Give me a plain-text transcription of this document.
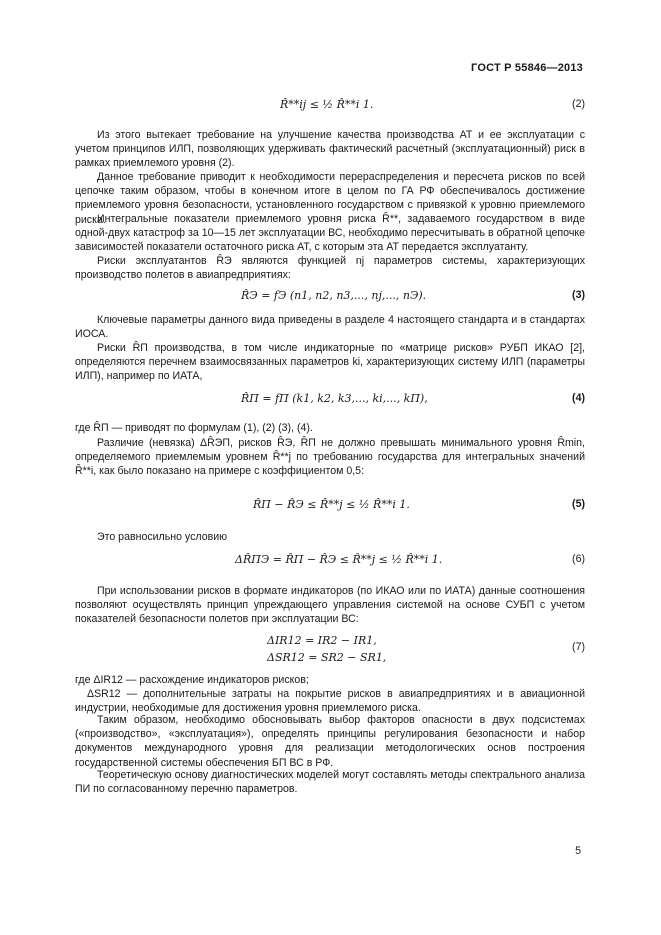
ГОСТ Р 55846—2013
R̂**ij ≤ ½ R̂**i 1.	(2)

Из этого вытекает требование на улучшение качества производства АТ и ее эксплуатации с учетом принципов ИЛП, позволяющих удерживать фактический расчетный (эксплуатационный) риск в рамках приемлемого уровня (2).

Данное требование приводит к необходимости перераспределения и пересчета рисков по всей цепочке таким образом, чтобы в конечном итоге в целом по ГА РФ обеспечивалось достижение приемлемого уровня безопасности, установленного государством с привязкой к уровню приемлемого риска.

Интегральные показатели приемлемого уровня риска R̂**, задаваемого государством в виде одной-двух катастроф за 10—15 лет эксплуатации ВС, необходимо пересчитывать в обратной цепочке зависимостей показатели остаточного риска АТ, с которым эта АТ передается эксплуатанту.

Риски эксплуатантов R̂Э являются функцией nj параметров системы, характеризующих производство полетов в авиапредприятиях:

R̂Э = fЭ (n1, n2, n3,..., nj,..., nЭ).	(3)

Ключевые параметры данного вида приведены в разделе 4 настоящего стандарта и в стандартах ИОСА.

Риски R̂П производства, в том числе индикаторные по «матрице рисков» РУБП ИКАО [2], определяются перечнем взаимосвязанных параметров ki, характеризующих систему ИЛП (параметры ИЛП), например по ИАТА,

R̂П = fП (k1, k2, k3,..., ki,..., kП),	(4)

где R̂П — приводят по формулам (1), (2) (3), (4).

Различие (невязка) ΔR̂ЭП, рисков R̂Э, R̂П не должно превышать минимального уровня R̂min, определяемого приемлемым уровнем R̂**j по требованию государства для интегральных значений R̂**i, как было показано на примере с коэффициентом 0,5:

R̂П − R̂Э ≤ R̂**j ≤ ½ R̂**i 1.	(5)

Это равносильно условию

ΔR̂ПЭ = R̂П − R̂Э ≤ R̂**j ≤ ½ R̂**i 1.	(6)

При использовании рисков в формате индикаторов (по ИКАО или по ИАТА) данные соотношения позволяют осуществлять принцип упреждающего управления системой на основе СУБП с учетом показателей безопасности полетов при эксплуатации ВС:

ΔIR12 = IR2 − IR1,
ΔSR12 = SR2 − SR1,
(7)

где ΔIR12 — расхождение индикаторов рисков;

ΔSR12 — дополнительные затраты на покрытие рисков в авиапредприятиях и в авиационной индустрии, необходимые для достижения уровня приемлемого риска.

Таким образом, необходимо обосновывать выбор факторов опасности в двух подсистемах («производство», «эксплуатация»), определять принципы регулирования безопасности и набор документов международного уровня для реализации методологических основ построения государственной системы обеспечения БП ВС в РФ.

Теоретическую основу диагностических моделей могут составлять методы спектрального анализа ПИ по согласованному перечню параметров.

5
